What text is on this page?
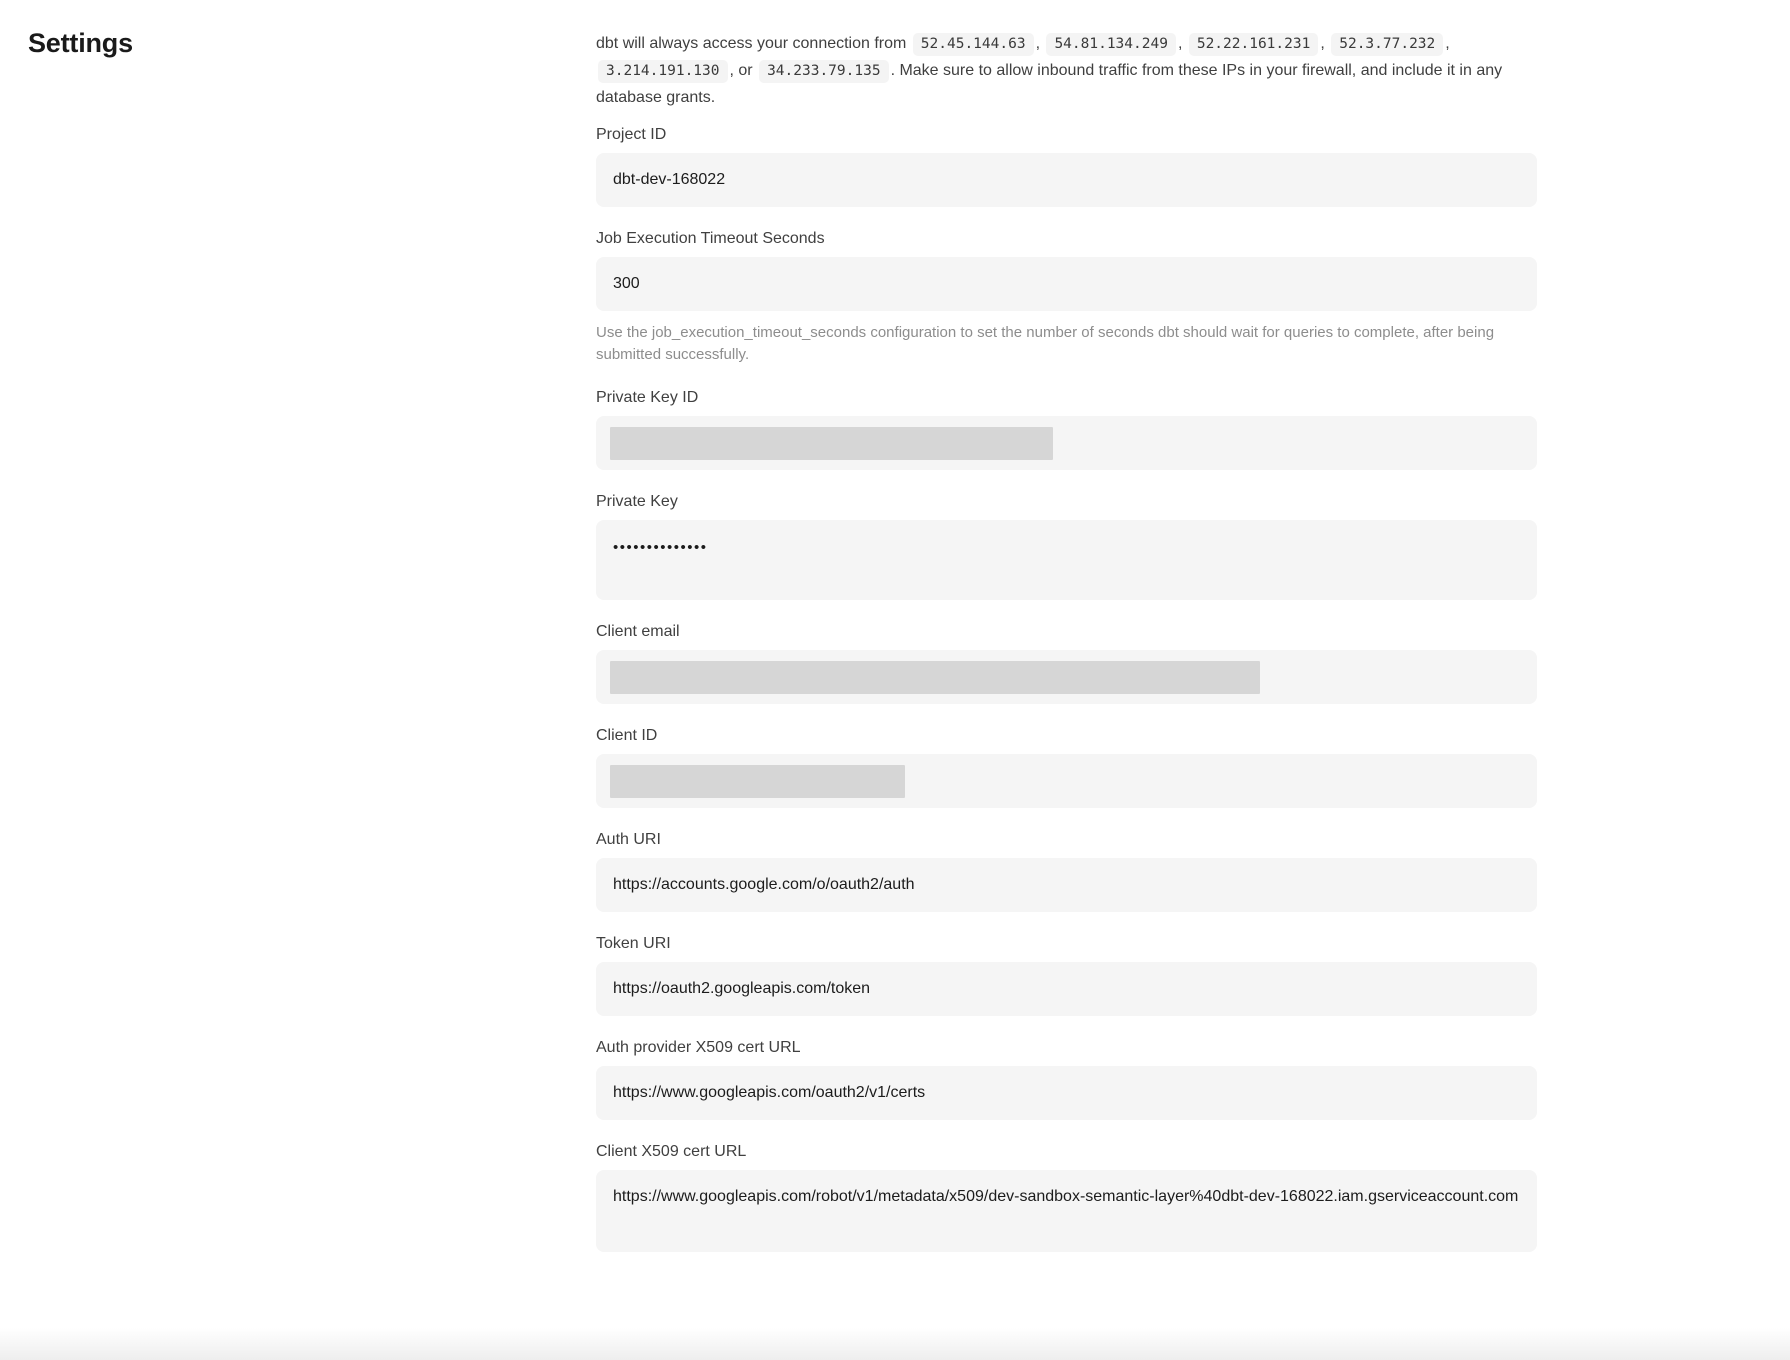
Settings	dbt will always access your connection from 52.45.144.63 , 54.81.134.249 , 52.22.161.231 , 52.3.77.232 , 3.214.191.130 , or 34.233.79.135 . Make sure to allow inbound traffic from these IPs in your firewall, and include it in any database grants.

Project ID
dbt-dev-168022
Job Execution Timeout Seconds
300

Use the job_execution_timeout_seconds configuration to set the number of seconds dbt should wait for queries to complete, after being submitted successfully.

Private Key ID
Private Key
••••••••••••••
Client email
Client ID
Auth URI
https://accounts.google.com/o/oauth2/auth
Token URI
https://oauth2.googleapis.com/token
Auth provider X509 cert URL
https://www.googleapis.com/oauth2/v1/certs
Client X509 cert URL
https://www.googleapis.com/robot/v1/metadata/x509/dev-sandbox-semantic-layer%40dbt-dev-168022.iam.gserviceaccount.com
